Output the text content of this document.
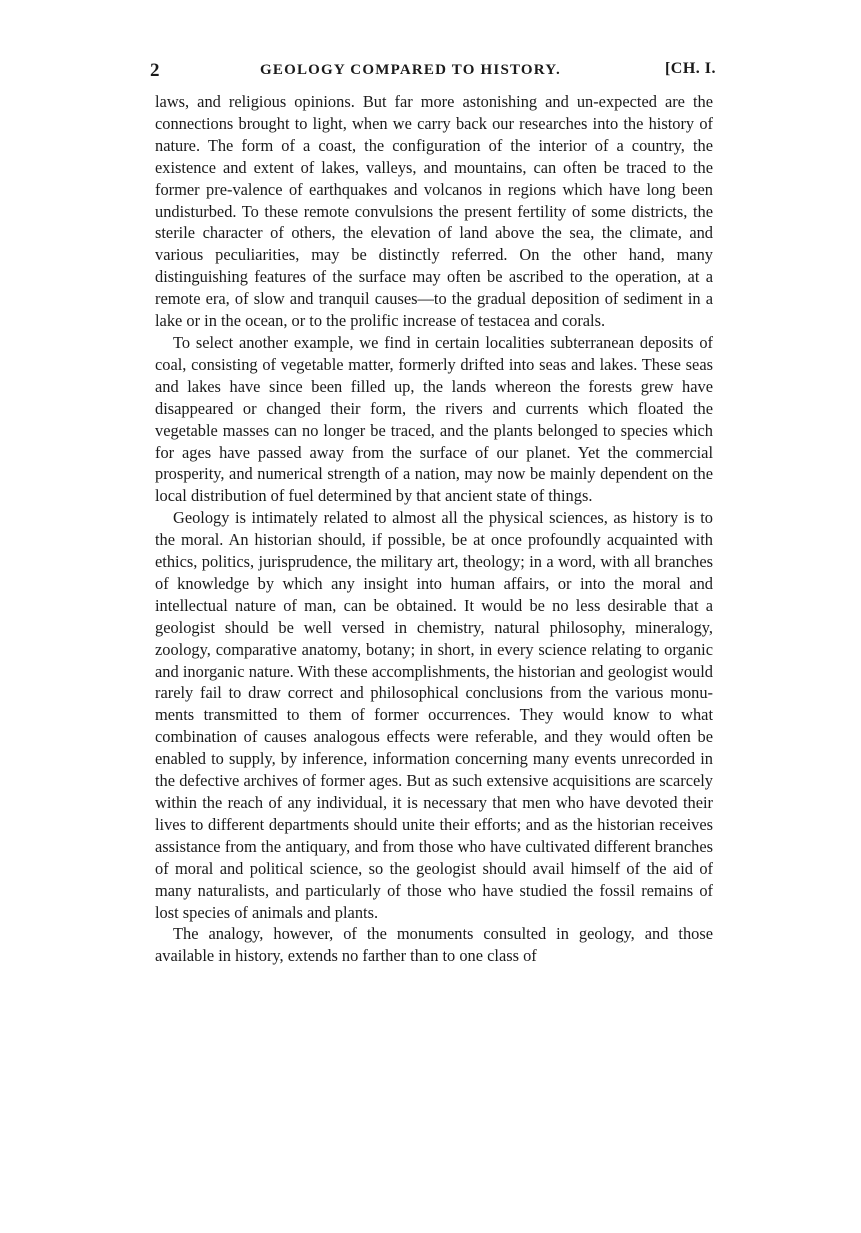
2	GEOLOGY COMPARED TO HISTORY.	[CH. I.

laws, and religious opinions. But far more astonishing and un-expected are the connections brought to light, when we carry back our researches into the history of nature. The form of a coast, the configuration of the interior of a country, the existence and extent of lakes, valleys, and mountains, can often be traced to the former pre-valence of earthquakes and volcanos in regions which have long been undisturbed. To these remote convulsions the present fertility of some districts, the sterile character of others, the elevation of land above the sea, the climate, and various peculiarities, may be distinctly referred. On the other hand, many distinguishing features of the surface may often be ascribed to the operation, at a remote era, of slow and tranquil causes—to the gradual deposition of sediment in a lake or in the ocean, or to the prolific increase of testacea and corals.

To select another example, we find in certain localities subterranean deposits of coal, consisting of vegetable matter, formerly drifted into seas and lakes. These seas and lakes have since been filled up, the lands whereon the forests grew have disappeared or changed their form, the rivers and currents which floated the vegetable masses can no longer be traced, and the plants belonged to species which for ages have passed away from the surface of our planet. Yet the commercial prosperity, and numerical strength of a nation, may now be mainly dependent on the local distribution of fuel determined by that ancient state of things.

Geology is intimately related to almost all the physical sciences, as history is to the moral. An historian should, if possible, be at once profoundly acquainted with ethics, politics, jurisprudence, the military art, theology; in a word, with all branches of knowledge by which any insight into human affairs, or into the moral and intellectual nature of man, can be obtained. It would be no less desirable that a geologist should be well versed in chemistry, natural philosophy, mineralogy, zoology, comparative anatomy, botany; in short, in every science relating to organic and inorganic nature. With these accomplishments, the historian and geologist would rarely fail to draw correct and philosophical conclusions from the various monu-ments transmitted to them of former occurrences. They would know to what combination of causes analogous effects were referable, and they would often be enabled to supply, by inference, information concerning many events unrecorded in the defective archives of former ages. But as such extensive acquisitions are scarcely within the reach of any individual, it is necessary that men who have devoted their lives to different departments should unite their efforts; and as the historian receives assistance from the antiquary, and from those who have cultivated different branches of moral and political science, so the geologist should avail himself of the aid of many naturalists, and particularly of those who have studied the fossil remains of lost species of animals and plants.

The analogy, however, of the monuments consulted in geology, and those available in history, extends no farther than to one class of
